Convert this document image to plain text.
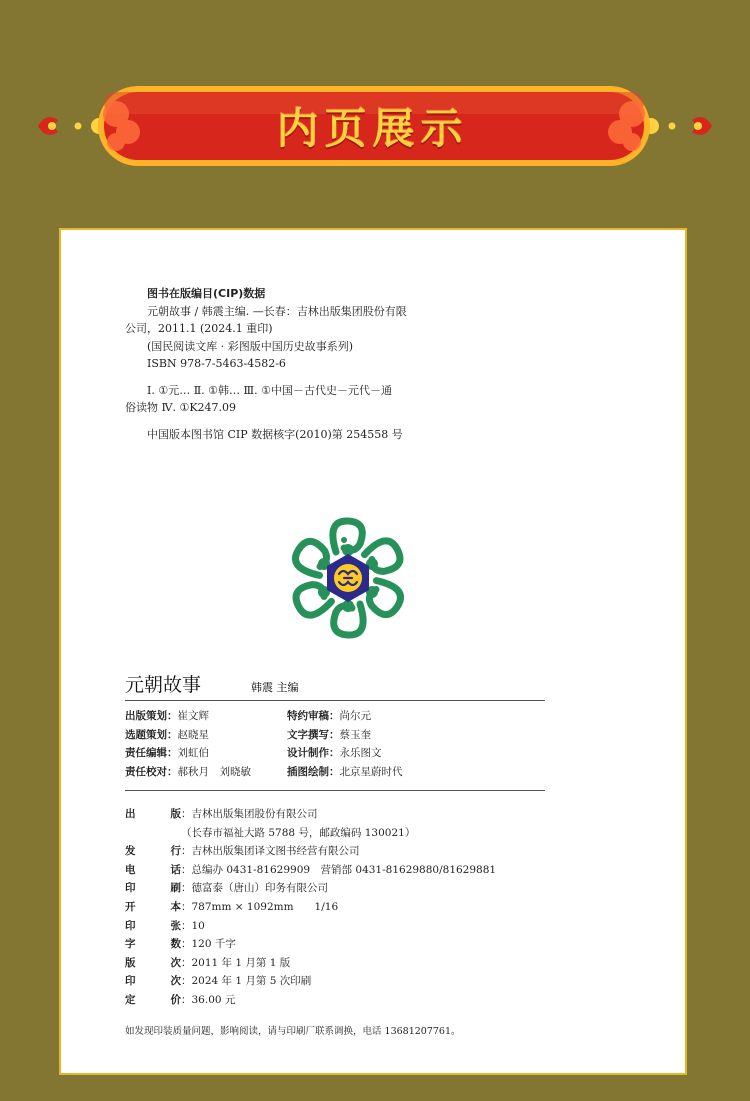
内页展示
图书在版编目(CIP)数据
元朝故事 / 韩震主编. —长春：吉林出版集团股份有限
公司，2011.1 (2024.1 重印)
(国民阅读文库 · 彩图版中国历史故事系列)
ISBN 978-7-5463-4582-6
Ⅰ. ①元… Ⅱ. ①韩… Ⅲ. ①中国－古代史－元代－通
俗读物 Ⅳ. ①K247.09
中国版本图书馆 CIP 数据核字(2010)第 254558 号
元朝故事	韩震 主编
出版策划：崔文辉	特约审稿：尚尔元
选题策划：赵晓星	文字撰写：蔡玉奎
责任编辑：刘虹伯	设计制作：永乐图文
责任校对：郝秋月　刘晓敏	插图绘制：北京星蔚时代
出	版 ：吉林出版集团股份有限公司
（长春市福祉大路 5788 号，邮政编码 130021）
发	行 ：吉林出版集团译文图书经营有限公司
电	话 ：总编办 0431-81629909　营销部 0431-81629880/81629881
印	刷 ：德富泰（唐山）印务有限公司
开	本 ：787mm × 1092mm　　1/16
印	张 ：10
字	数 ：120 千字
版	次 ：2011 年 1 月第 1 版
印	次 ：2024 年 1 月第 5 次印刷
定	价 ：36.00 元
如发现印装质量问题，影响阅读，请与印刷厂联系调换，电话 13681207761。
